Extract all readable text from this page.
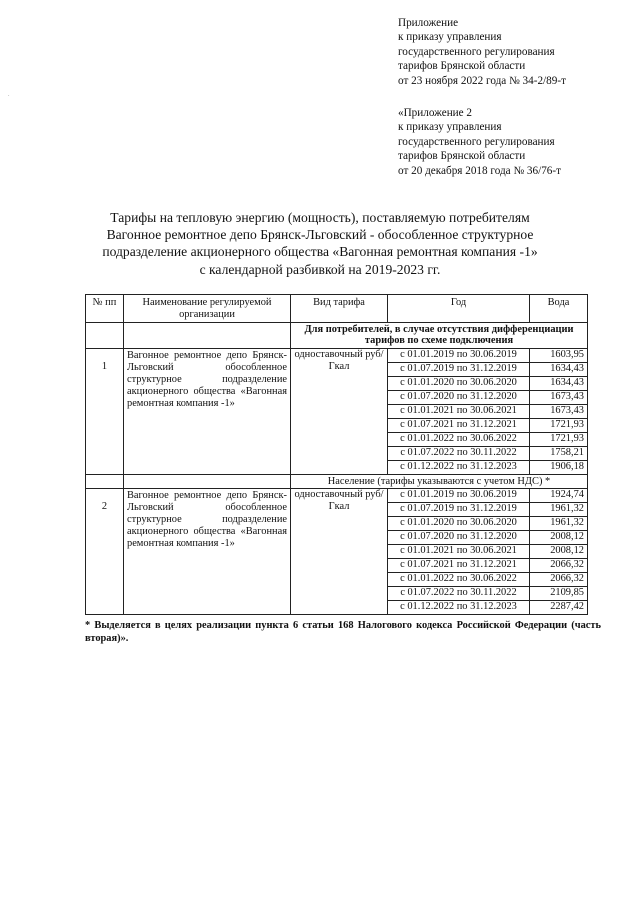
.
Приложение
к приказу управления
государственного регулирования
тарифов Брянской области
от 23 ноября 2022 года № 34-2/89-т
«Приложение 2
к приказу управления
государственного регулирования
тарифов Брянской области
от 20 декабря 2018 года № 36/76-т
Тарифы на тепловую энергию (мощность), поставляемую потребителям
Вагонное ремонтное депо Брянск-Льговский - обособленное структурное
подразделение акционерного общества «Вагонная ремонтная компания -1»
с календарной разбивкой на 2019-2023 гг.
№ пп	Наименование регулируемой организации	Вид тарифа	Год	Вода
		Для потребителей, в случае отсутствия дифференциации тарифов по схеме подключения		
1	Вагонное ремонтное депо Брянск-Льговский обособленное структурное подразделение акционерного общества «Вагонная ремонтная компания -1»	одноставочный руб/Гкал	с 01.01.2019 по 30.06.2019	1603,95
			с 01.07.2019 по 31.12.2019	1634,43
			с 01.01.2020 по 30.06.2020	1634,43
			с 01.07.2020 по 31.12.2020	1673,43
			с 01.01.2021 по 30.06.2021	1673,43
			с 01.07.2021 по 31.12.2021	1721,93
			с 01.01.2022 по 30.06.2022	1721,93
			с 01.07.2022 по 30.11.2022	1758,21
			с 01.12.2022 по 31.12.2023	1906,18
		Население (тарифы указываются с учетом НДС) *		
2	Вагонное ремонтное депо Брянск-Льговский обособленное структурное подразделение акционерного общества «Вагонная ремонтная компания -1»	одноставочный руб/Гкал	с 01.01.2019 по 30.06.2019	1924,74
			с 01.07.2019 по 31.12.2019	1961,32
			с 01.01.2020 по 30.06.2020	1961,32
			с 01.07.2020 по 31.12.2020	2008,12
			с 01.01.2021 по 30.06.2021	2008,12
			с 01.07.2021 по 31.12.2021	2066,32
			с 01.01.2022 по 30.06.2022	2066,32
			с 01.07.2022 по 30.11.2022	2109,85
			с 01.12.2022 по 31.12.2023	2287,42
* Выделяется в целях реализации пункта 6 статьи 168 Налогового кодекса Российской Федерации (часть вторая)».
